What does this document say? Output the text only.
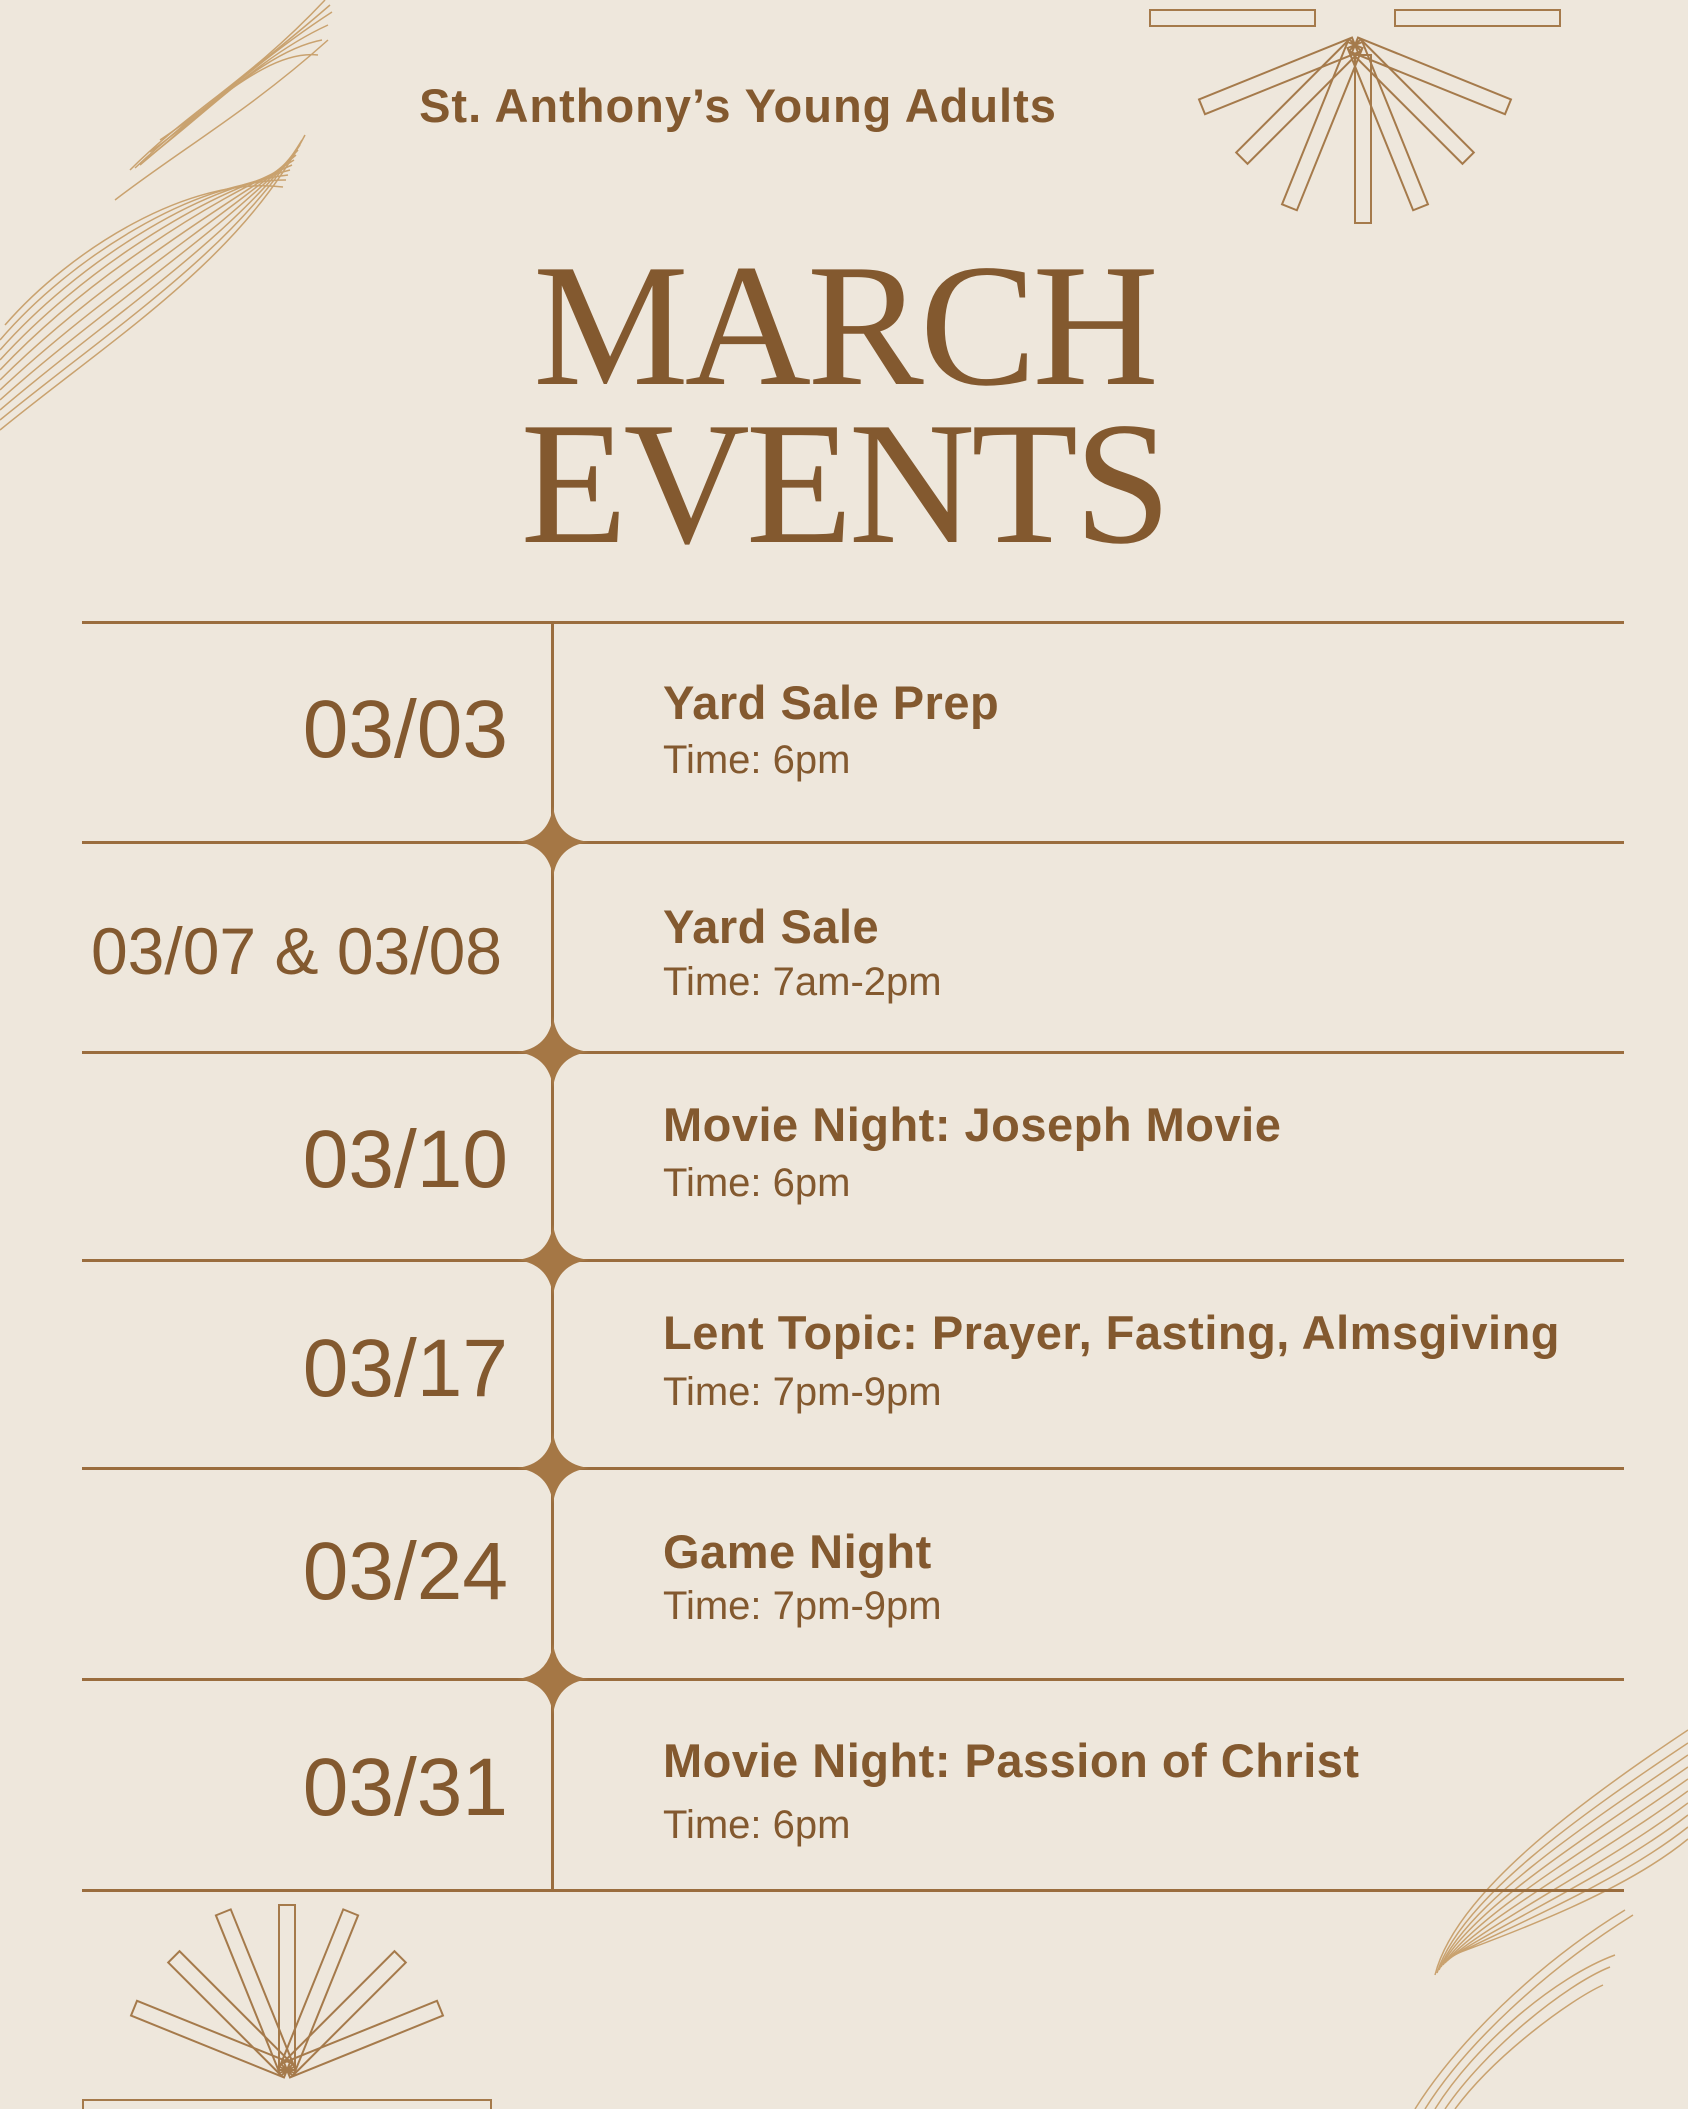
St. Anthony’s Young Adults
MARCH
EVENTS
03/03	Yard Sale Prep
Time: 6pm
03/07 & 03/08	Yard Sale
Time: 7am-2pm
03/10	Movie Night: Joseph Movie
Time: 6pm
03/17	Lent Topic: Prayer, Fasting, Almsgiving
Time: 7pm-9pm
03/24	Game Night
Time: 7pm-9pm
03/31	Movie Night: Passion of Christ
Time: 6pm
